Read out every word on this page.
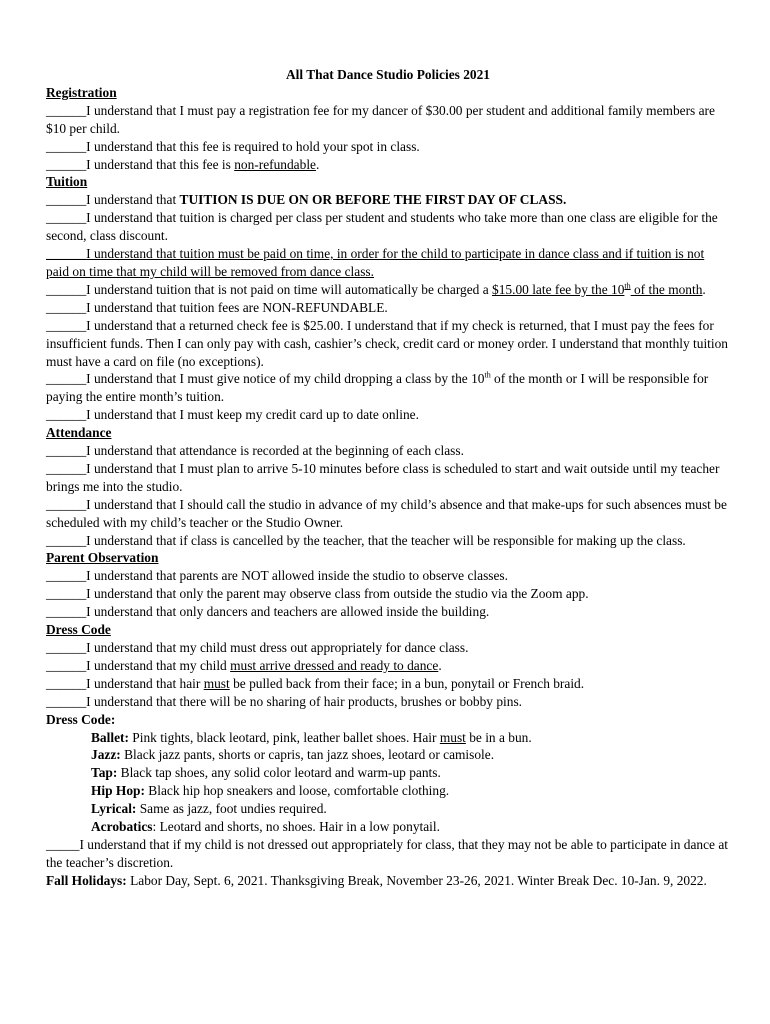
All That Dance Studio Policies 2021
Registration
______I understand that I must pay a registration fee for my dancer of $30.00 per student and additional family members are $10 per child.
______I understand that this fee is required to hold your spot in class.
______I understand that this fee is non-refundable.
Tuition
______I understand that TUITION IS DUE ON OR BEFORE THE FIRST DAY OF CLASS.
______I understand that tuition is charged per class per student and students who take more than one class are eligible for the second, class discount.
______I understand that tuition must be paid on time, in order for the child to participate in dance class and if tuition is not paid on time that my child will be removed from dance class.
______I understand tuition that is not paid on time will automatically be charged a $15.00 late fee by the 10th of the month.
______I understand that tuition fees are NON-REFUNDABLE.
______I understand that a returned check fee is $25.00. I understand that if my check is returned, that I must pay the fees for insufficient funds. Then I can only pay with cash, cashier’s check, credit card or money order. I understand that monthly tuition must have a card on file (no exceptions).
______I understand that I must give notice of my child dropping a class by the 10th of the month or I will be responsible for paying the entire month’s tuition.
______I understand that I must keep my credit card up to date online.
Attendance
______I understand that attendance is recorded at the beginning of each class.
______I understand that I must plan to arrive 5-10 minutes before class is scheduled to start and wait outside until my teacher brings me into the studio.
______I understand that I should call the studio in advance of my child’s absence and that make-ups for such absences must be scheduled with my child’s teacher or the Studio Owner.
______I understand that if class is cancelled by the teacher, that the teacher will be responsible for making up the class.
Parent Observation
______I understand that parents are NOT allowed inside the studio to observe classes.
______I understand that only the parent may observe class from outside the studio via the Zoom app.
______I understand that only dancers and teachers are allowed inside the building.
Dress Code
______I understand that my child must dress out appropriately for dance class.
______I understand that my child must arrive dressed and ready to dance.
______I understand that hair must be pulled back from their face; in a bun, ponytail or French braid.
______I understand that there will be no sharing of hair products, brushes or bobby pins.
Dress Code:
Ballet: Pink tights, black leotard, pink, leather ballet shoes. Hair must be in a bun.
Jazz: Black jazz pants, shorts or capris, tan jazz shoes, leotard or camisole.
Tap: Black tap shoes, any solid color leotard and warm-up pants.
Hip Hop: Black hip hop sneakers and loose, comfortable clothing.
Lyrical: Same as jazz, foot undies required.
Acrobatics: Leotard and shorts, no shoes. Hair in a low ponytail.
_____I understand that if my child is not dressed out appropriately for class, that they may not be able to participate in dance at the teacher’s discretion.
Fall Holidays: Labor Day, Sept. 6, 2021. Thanksgiving Break, November 23-26, 2021. Winter Break Dec. 10-Jan. 9, 2022.
